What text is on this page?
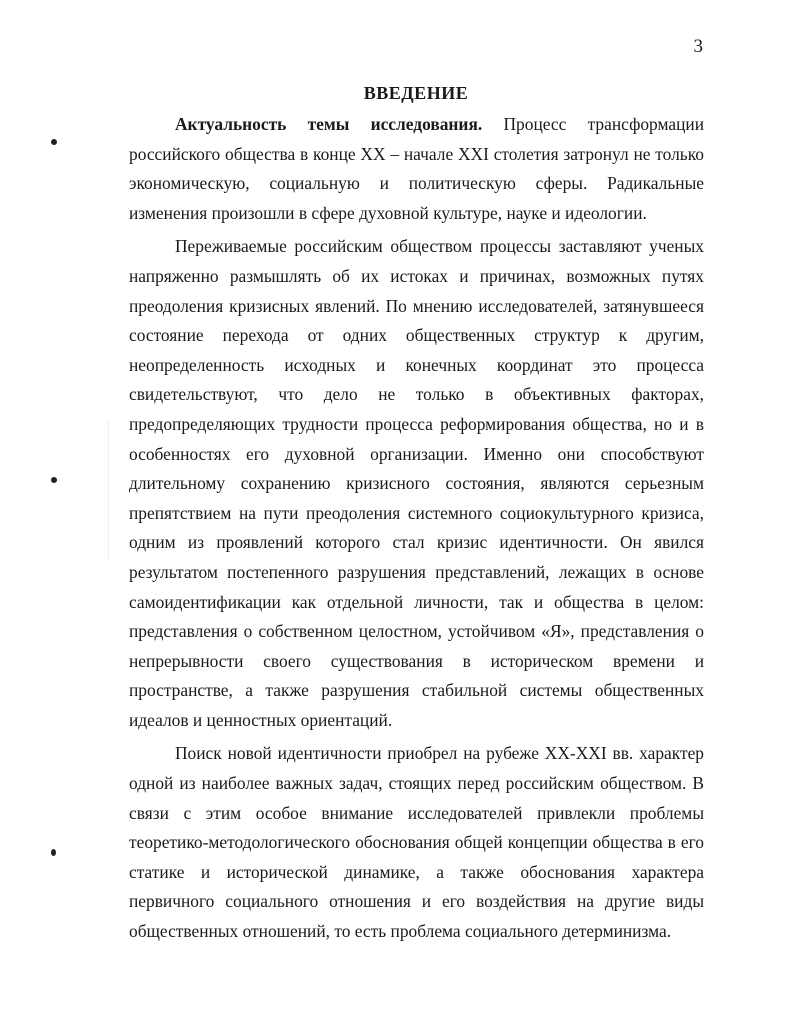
3
ВВЕДЕНИЕ

Актуальность темы исследования. Процесс трансформации российского общества в конце XX – начале XXI столетия затронул не только экономическую, социальную и политическую сферы. Радикальные изменения произошли в сфере духовной культуре, науке и идеологии.

Переживаемые российским обществом процессы заставляют ученых напряженно размышлять об их истоках и причинах, возможных путях преодоления кризисных явлений. По мнению исследователей, затянувшееся состояние перехода от одних общественных структур к другим, неопределенность исходных и конечных координат это процесса свидетельствуют, что дело не только в объективных факторах, предопределяющих трудности процесса реформирования общества, но и в особенностях его духовной организации. Именно они способствуют длительному сохранению кризисного состояния, являются серьезным препятствием на пути преодоления системного социокультурного кризиса, одним из проявлений которого стал кризис идентичности. Он явился результатом постепенного разрушения представлений, лежащих в основе самоидентификации как отдельной личности, так и общества в целом: представления о собственном целостном, устойчивом «Я», представления о непрерывности своего существования в историческом времени и пространстве, а также разрушения стабильной системы общественных идеалов и ценностных ориентаций.

Поиск новой идентичности приобрел на рубеже XX-XXI вв. характер одной из наиболее важных задач, стоящих перед российским обществом. В связи с этим особое внимание исследователей привлекли проблемы теоретико-методологического обоснования общей концепции общества в его статике и исторической динамике, а также обоснования характера первичного социального отношения и его воздействия на другие виды общественных отношений, то есть проблема социального детерминизма.
